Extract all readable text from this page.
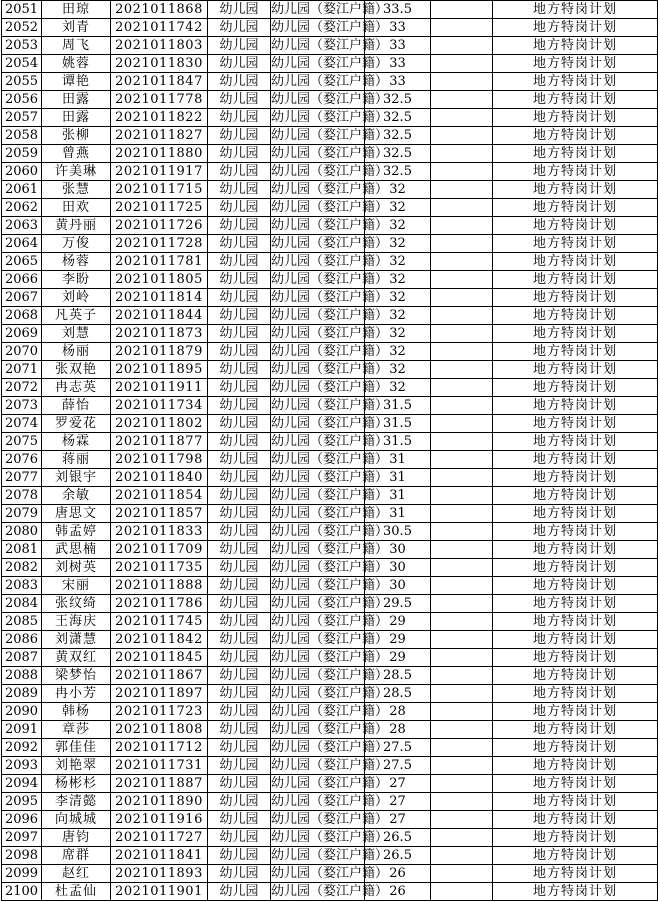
2051	田琼	2021011868	幼儿园	幼儿园（婺江户籍）	33.5		地方特岗计划
2052	刘青	2021011742	幼儿园	幼儿园（婺江户籍）	33		地方特岗计划
2053	周飞	2021011803	幼儿园	幼儿园（婺江户籍）	33		地方特岗计划
2054	姚蓉	2021011830	幼儿园	幼儿园（婺江户籍）	33		地方特岗计划
2055	谭艳	2021011847	幼儿园	幼儿园（婺江户籍）	33		地方特岗计划
2056	田露	2021011778	幼儿园	幼儿园（婺江户籍）	32.5		地方特岗计划
2057	田露	2021011822	幼儿园	幼儿园（婺江户籍）	32.5		地方特岗计划
2058	张柳	2021011827	幼儿园	幼儿园（婺江户籍）	32.5		地方特岗计划
2059	曾燕	2021011880	幼儿园	幼儿园（婺江户籍）	32.5		地方特岗计划
2060	许美琳	2021011917	幼儿园	幼儿园（婺江户籍）	32.5		地方特岗计划
2061	张慧	2021011715	幼儿园	幼儿园（婺江户籍）	32		地方特岗计划
2062	田欢	2021011725	幼儿园	幼儿园（婺江户籍）	32		地方特岗计划
2063	黄丹丽	2021011726	幼儿园	幼儿园（婺江户籍）	32		地方特岗计划
2064	万俊	2021011728	幼儿园	幼儿园（婺江户籍）	32		地方特岗计划
2065	杨蓉	2021011781	幼儿园	幼儿园（婺江户籍）	32		地方特岗计划
2066	李盼	2021011805	幼儿园	幼儿园（婺江户籍）	32		地方特岗计划
2067	刘岭	2021011814	幼儿园	幼儿园（婺江户籍）	32		地方特岗计划
2068	凡英子	2021011844	幼儿园	幼儿园（婺江户籍）	32		地方特岗计划
2069	刘慧	2021011873	幼儿园	幼儿园（婺江户籍）	32		地方特岗计划
2070	杨丽	2021011879	幼儿园	幼儿园（婺江户籍）	32		地方特岗计划
2071	张双艳	2021011895	幼儿园	幼儿园（婺江户籍）	32		地方特岗计划
2072	冉志英	2021011911	幼儿园	幼儿园（婺江户籍）	32		地方特岗计划
2073	薛怡	2021011734	幼儿园	幼儿园（婺江户籍）	31.5		地方特岗计划
2074	罗爱花	2021011802	幼儿园	幼儿园（婺江户籍）	31.5		地方特岗计划
2075	杨霖	2021011877	幼儿园	幼儿园（婺江户籍）	31.5		地方特岗计划
2076	蒋丽	2021011798	幼儿园	幼儿园（婺江户籍）	31		地方特岗计划
2077	刘银宇	2021011840	幼儿园	幼儿园（婺江户籍）	31		地方特岗计划
2078	余敏	2021011854	幼儿园	幼儿园（婺江户籍）	31		地方特岗计划
2079	唐思文	2021011857	幼儿园	幼儿园（婺江户籍）	31		地方特岗计划
2080	韩孟婷	2021011833	幼儿园	幼儿园（婺江户籍）	30.5		地方特岗计划
2081	武思楠	2021011709	幼儿园	幼儿园（婺江户籍）	30		地方特岗计划
2082	刘树英	2021011735	幼儿园	幼儿园（婺江户籍）	30		地方特岗计划
2083	宋丽	2021011888	幼儿园	幼儿园（婺江户籍）	30		地方特岗计划
2084	张纹绮	2021011786	幼儿园	幼儿园（婺江户籍）	29.5		地方特岗计划
2085	王海庆	2021011745	幼儿园	幼儿园（婺江户籍）	29		地方特岗计划
2086	刘潇慧	2021011842	幼儿园	幼儿园（婺江户籍）	29		地方特岗计划
2087	黄双红	2021011845	幼儿园	幼儿园（婺江户籍）	29		地方特岗计划
2088	梁梦怡	2021011867	幼儿园	幼儿园（婺江户籍）	28.5		地方特岗计划
2089	冉小芳	2021011897	幼儿园	幼儿园（婺江户籍）	28.5		地方特岗计划
2090	韩杨	2021011723	幼儿园	幼儿园（婺江户籍）	28		地方特岗计划
2091	章莎	2021011808	幼儿园	幼儿园（婺江户籍）	28		地方特岗计划
2092	郭佳佳	2021011712	幼儿园	幼儿园（婺江户籍）	27.5		地方特岗计划
2093	刘艳翠	2021011731	幼儿园	幼儿园（婺江户籍）	27.5		地方特岗计划
2094	杨彬杉	2021011887	幼儿园	幼儿园（婺江户籍）	27		地方特岗计划
2095	李清懿	2021011890	幼儿园	幼儿园（婺江户籍）	27		地方特岗计划
2096	向城城	2021011916	幼儿园	幼儿园（婺江户籍）	27		地方特岗计划
2097	唐钧	2021011727	幼儿园	幼儿园（婺江户籍）	26.5		地方特岗计划
2098	席群	2021011841	幼儿园	幼儿园（婺江户籍）	26.5		地方特岗计划
2099	赵红	2021011893	幼儿园	幼儿园（婺江户籍）	26		地方特岗计划
2100	杜孟仙	2021011901	幼儿园	幼儿园（婺江户籍）	26		地方特岗计划
